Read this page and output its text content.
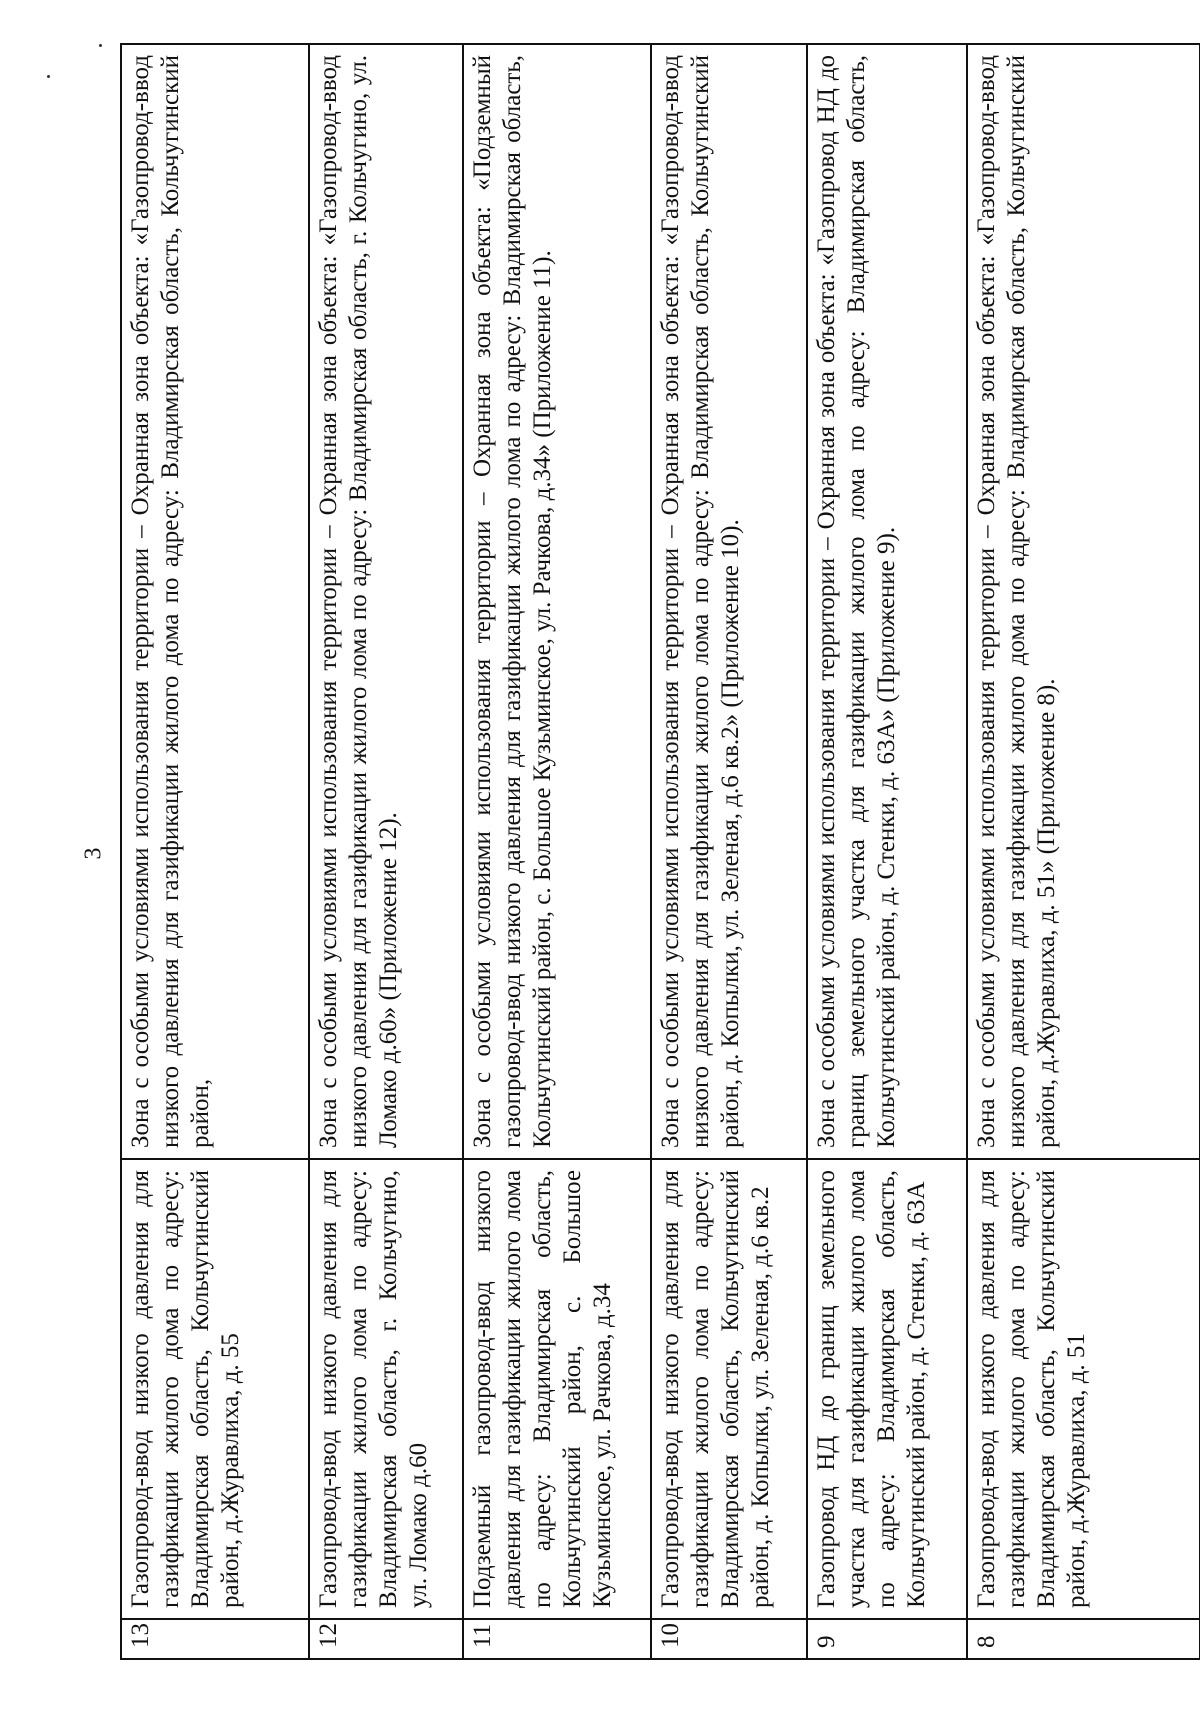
3
13	Газопровод-ввод низкого давления для газификации жилого дома по адресу: Владимирская область, Кольчугинский район, д.Журавлиха, д. 55	Зона с особыми условиями использования территории – Охранная зона объекта: «Газопровод-ввод низкого давления для газификации жилого дома по адресу: Владимирская область, Кольчугинский район,
12	Газопровод-ввод низкого давления для газификации жилого лома по адресу: Владимирская область, г. Кольчугино, ул. Ломако д.60	Зона с особыми условиями использования территории – Охранная зона объекта: «Газопровод-ввод низкого давления для газификации жилого лома по адресу: Владимирская область, г. Кольчугино, ул. Ломако д.60» (Приложение 12).
11	Подземный газопровод-ввод низкого давления для газификации жилого лома по адресу: Владимирская область, Кольчугинский район, с. Большое Кузьминское, ул. Рачкова, д.34	Зона с особыми условиями использования территории – Охранная зона объекта: «Подземный газопровод-ввод низкого давления для газификации жилого лома по адресу: Владимирская область, Кольчугинский район, с. Большое Кузьминское, ул. Рачкова, д.34» (Приложение 11).
10	Газопровод-ввод низкого давления для газификации жилого лома по адресу: Владимирская область, Кольчугинский район, д. Копылки, ул. Зеленая, д.6 кв.2	Зона с особыми условиями использования территории – Охранная зона объекта: «Газопровод-ввод низкого давления для газификации жилого лома по адресу: Владимирская область, Кольчугинский район, д. Копылки, ул. Зеленая, д.6 кв.2» (Приложение 10).
9	Газопровод НД до границ земельного участка для газификации жилого лома по адресу: Владимирская область, Кольчугинский район, д. Стенки, д. 63А	Зона с особыми условиями использования территории – Охранная зона объекта: «Газопровод НД до границ земельного участка для газификации жилого лома по адресу: Владимирская область, Кольчугинский район, д. Стенки, д. 63А» (Приложение 9).
8	Газопровод-ввод низкого давления для газификации жилого дома по адресу: Владимирская область, Кольчугинский район, д.Журавлиха, д. 51	Зона с особыми условиями использования территории – Охранная зона объекта: «Газопровод-ввод низкого давления для газификации жилого дома по адресу: Владимирская область, Кольчугинский район, д.Журавлиха, д. 51» (Приложение 8).
